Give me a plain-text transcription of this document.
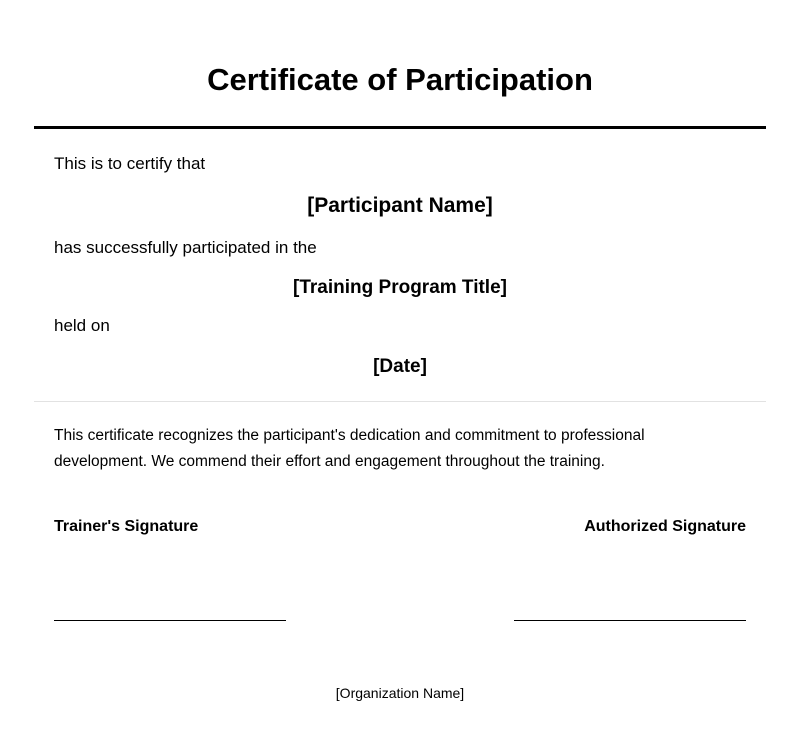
Certificate of Participation

This is to certify that

[Participant Name]

has successfully participated in the

[Training Program Title]

held on

[Date]

This certificate recognizes the participant's dedication and commitment to professional development. We commend their effort and engagement throughout the training.

Trainer's Signature	Authorized Signature

[Organization Name]
